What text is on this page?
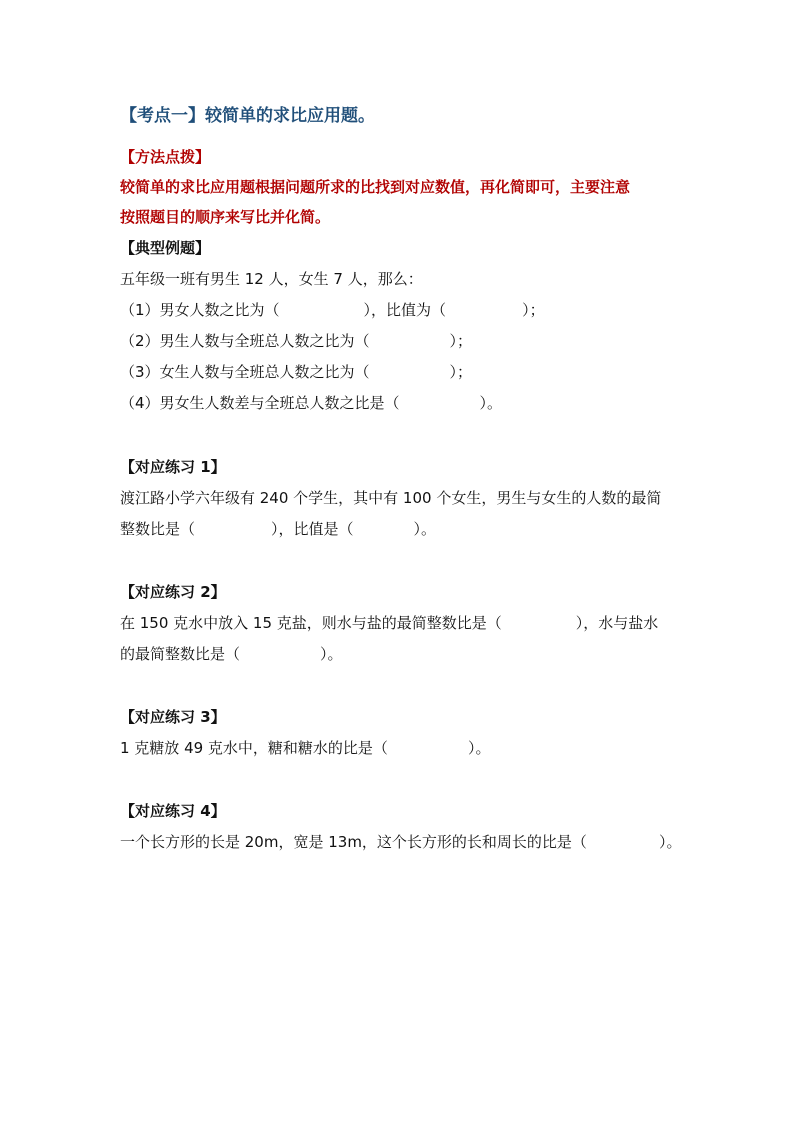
【考点一】较简单的求比应用题。
【方法点拨】
较简单的求比应用题根据问题所求的比找到对应数值，再化简即可，主要注意
按照题目的顺序来写比并化简。
【典型例题】
五年级一班有男生 12 人，女生 7 人，那么：
（1）男女人数之比为（	），比值为（	）；
（2）男生人数与全班总人数之比为（	）；
（3）女生人数与全班总人数之比为（	）；
（4）男女生人数差与全班总人数之比是（	）。
【对应练习 1】
渡江路小学六年级有 240 个学生，其中有 100 个女生，男生与女生的人数的最简
整数比是（	），比值是（	）。
【对应练习 2】
在 150 克水中放入 15 克盐，则水与盐的最简整数比是（	），水与盐水
的最简整数比是（	）。
【对应练习 3】
1 克糖放 49 克水中，糖和糖水的比是（	）。
【对应练习 4】
一个长方形的长是 20m，宽是 13m，这个长方形的长和周长的比是（	）。
